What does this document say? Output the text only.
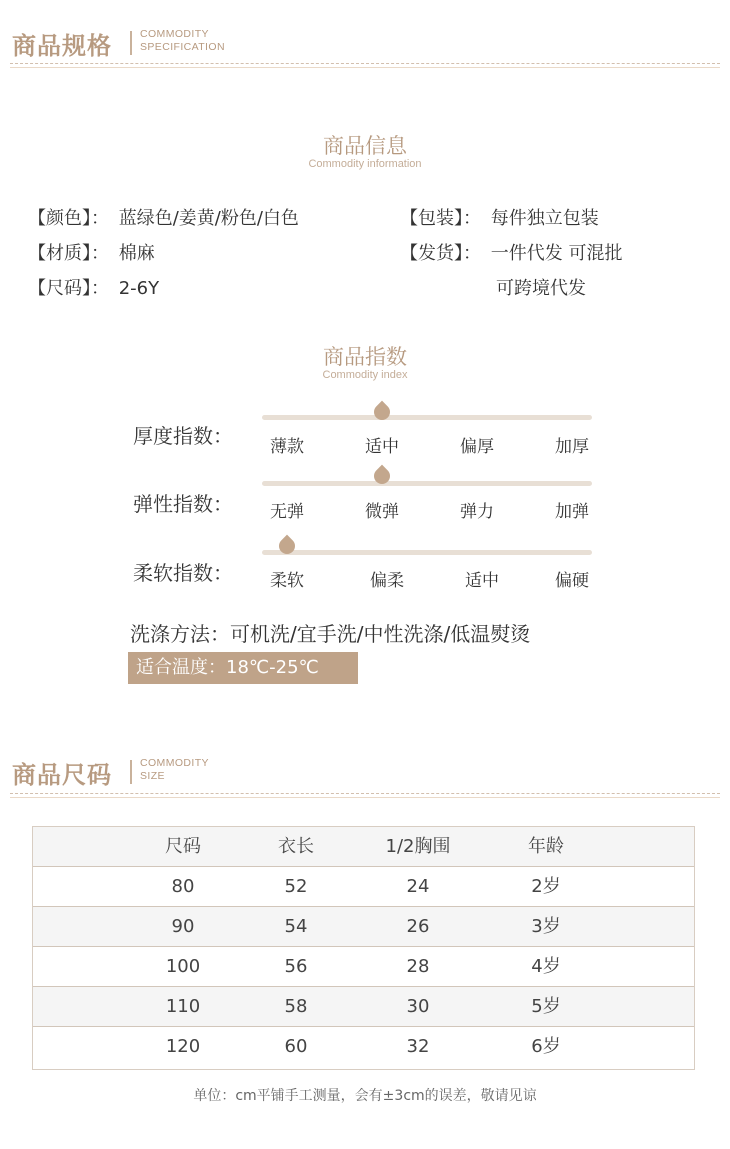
商品规格	COMMODITY
SPECIFICATION
商品信息
Commodity information
【颜色】： 蓝绿色/姜黄/粉色/白色
【材质】： 棉麻
【尺码】： 2-6Y
【包装】： 每件独立包装
【发货】： 一件代发 可混批
可跨境代发
商品指数
Commodity index
厚度指数： 薄款	适中	偏厚	加厚
弹性指数： 无弹	微弹	弹力	加弹
柔软指数： 柔软	偏柔	适中	偏硬
洗涤方法：可机洗/宜手洗/中性洗涤/低温熨烫
适合温度：18℃-25℃
商品尺码	COMMODITY
SIZE
尺码	衣长	1/2胸围	年龄
80	52	24	2岁
90	54	26	3岁
100	56	28	4岁
110	58	30	5岁
120	60	32	6岁
单位：cm平铺手工测量，会有±3cm的误差，敬请见谅
